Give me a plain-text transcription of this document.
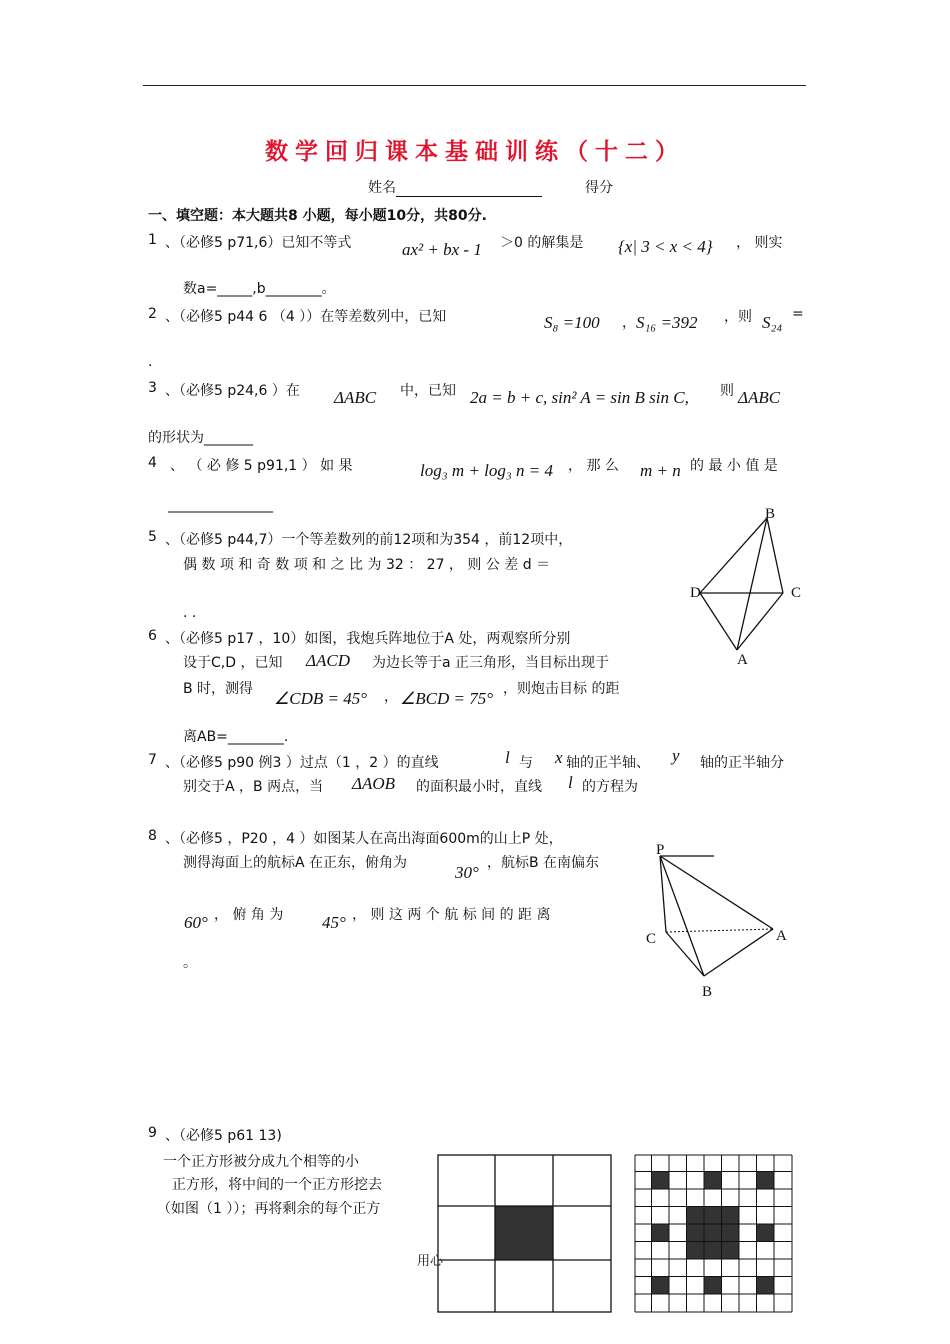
数学回归课本基础训练（十二）
姓名	得分
一、填空题：本大题共8 小题，每小题10分，共80分.
1 、（必修5 p71,6）已知不等式	ax² + bx - 1 ＞0 的解集是 {x| 3 < x < 4} ， 则实
数a=_____,b________。
2 、（必修5 p44 6 （4 ））在等差数列中，已知	S₈ =100 ， S₁₆ =392 ，则 S₂₄ =
.
3 、（必修5 p24,6 ）在 ΔABC 中，已知 2a = b + c, sin² A = sin B sin C, 则 ΔABC
的形状为_______
4 、 （ 必 修 5 p91,1 ） 如 果	log₃ m + log₃ n = 4 ， 那 么 m + n 的 最 小 值 是
_______________
5 、（必修5 p44,7）一个等差数列的前12项和为354 ，前12项中，
偶 数 项 和 奇 数 项 和 之 比 为 32 ： 27 ， 则 公 差 d ＝
. .
B
D	C
A
6 、（必修5 p17 ，10）如图，我炮兵阵地位于A 处，两观察所分别
设于C,D ，已知 ΔACD 为边长等于a 正三角形，当目标出现于
B 时，测得 ∠CDB = 45° ， ∠BCD = 75° ，则炮击目标 的距
离AB=________.
7 、（必修5 p90 例3 ）过点（1 ，2 ）的直线	l 与 x 轴的正半轴、 y 轴的正半轴分
别交于A ，B 两点，当 ΔAOB 的面积最小时，直线 l 的方程为
8 、（必修5 ，P20 ，4 ）如图某人在高出海面600m的山上P 处，
测得海面上的航标A 在正东，俯角为	30° ，航标B 在南偏东
60° ， 俯 角 为 45° ， 则 这 两 个 航 标 间 的 距 离
。
P
C	A
B
9 、（必修5 p61 13)
一个正方形被分成九个相等的小
正方形，将中间的一个正方形挖去
（如图（1 ））；再将剩余的每个正方
用心
